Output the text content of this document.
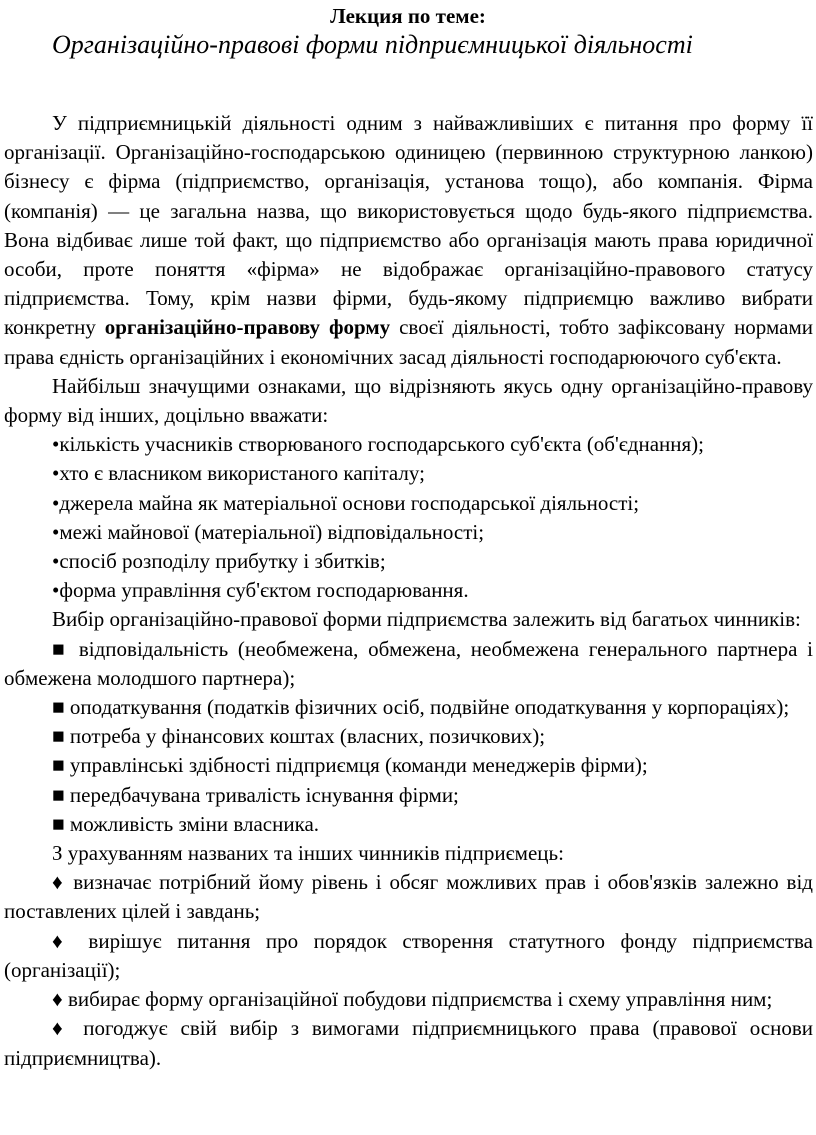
Лекция по теме:
Організаційно-правові форми підприємницької діяльності

У підприємницькій діяльності одним з найважливіших є питання про форму її організації. Організаційно-господарською одиницею (первинною структурною ланкою) бізнесу є фірма (підприємство, організація, установа тощо), або компанія. Фірма (компанія) — це загальна назва, що використовується щодо будь-якого підприємства. Вона відбиває лише той факт, що підприємство або організація мають права юридичної особи, проте поняття «фірма» не відображає організаційно-правового статусу підприємства. Тому, крім назви фірми, будь-якому підприємцю важливо вибрати конкретну організаційно-правову форму своєї діяльності, тобто зафіксовану нормами права єдність організаційних і економічних засад діяльності господарюючого суб'єкта.

Найбільш значущими ознаками, що відрізняють якусь одну організаційно-правову форму від інших, доцільно вважати:

•кількість учасників створюваного господарського суб'єкта (об'єднання);

•хто є власником використаного капіталу;

•джерела майна як матеріальної основи господарської діяльності;

•межі майнової (матеріальної) відповідальності;

•спосіб розподілу прибутку і збитків;

•форма управління суб'єктом господарювання.

Вибір організаційно-правової форми підприємства залежить від багатьох чинників:

■ відповідальність (необмежена, обмежена, необмежена генерального партнера і обмежена молодшого партнера);

■ оподаткування (податків фізичних осіб, подвійне оподаткування у корпораціях);

■ потреба у фінансових коштах (власних, позичкових);

■ управлінські здібності підприємця (команди менеджерів фірми);

■ передбачувана тривалість існування фірми;

■ можливість зміни власника.

З урахуванням названих та інших чинників підприємець:

♦ визначає потрібний йому рівень і обсяг можливих прав і обов'язків залежно від поставлених цілей і завдань;

♦ вирішує питання про порядок створення статутного фонду підприємства (організації);

♦ вибирає форму організаційної побудови підприємства і схему управління ним;

♦ погоджує свій вибір з вимогами підприємницького права (правової основи підприємництва).
